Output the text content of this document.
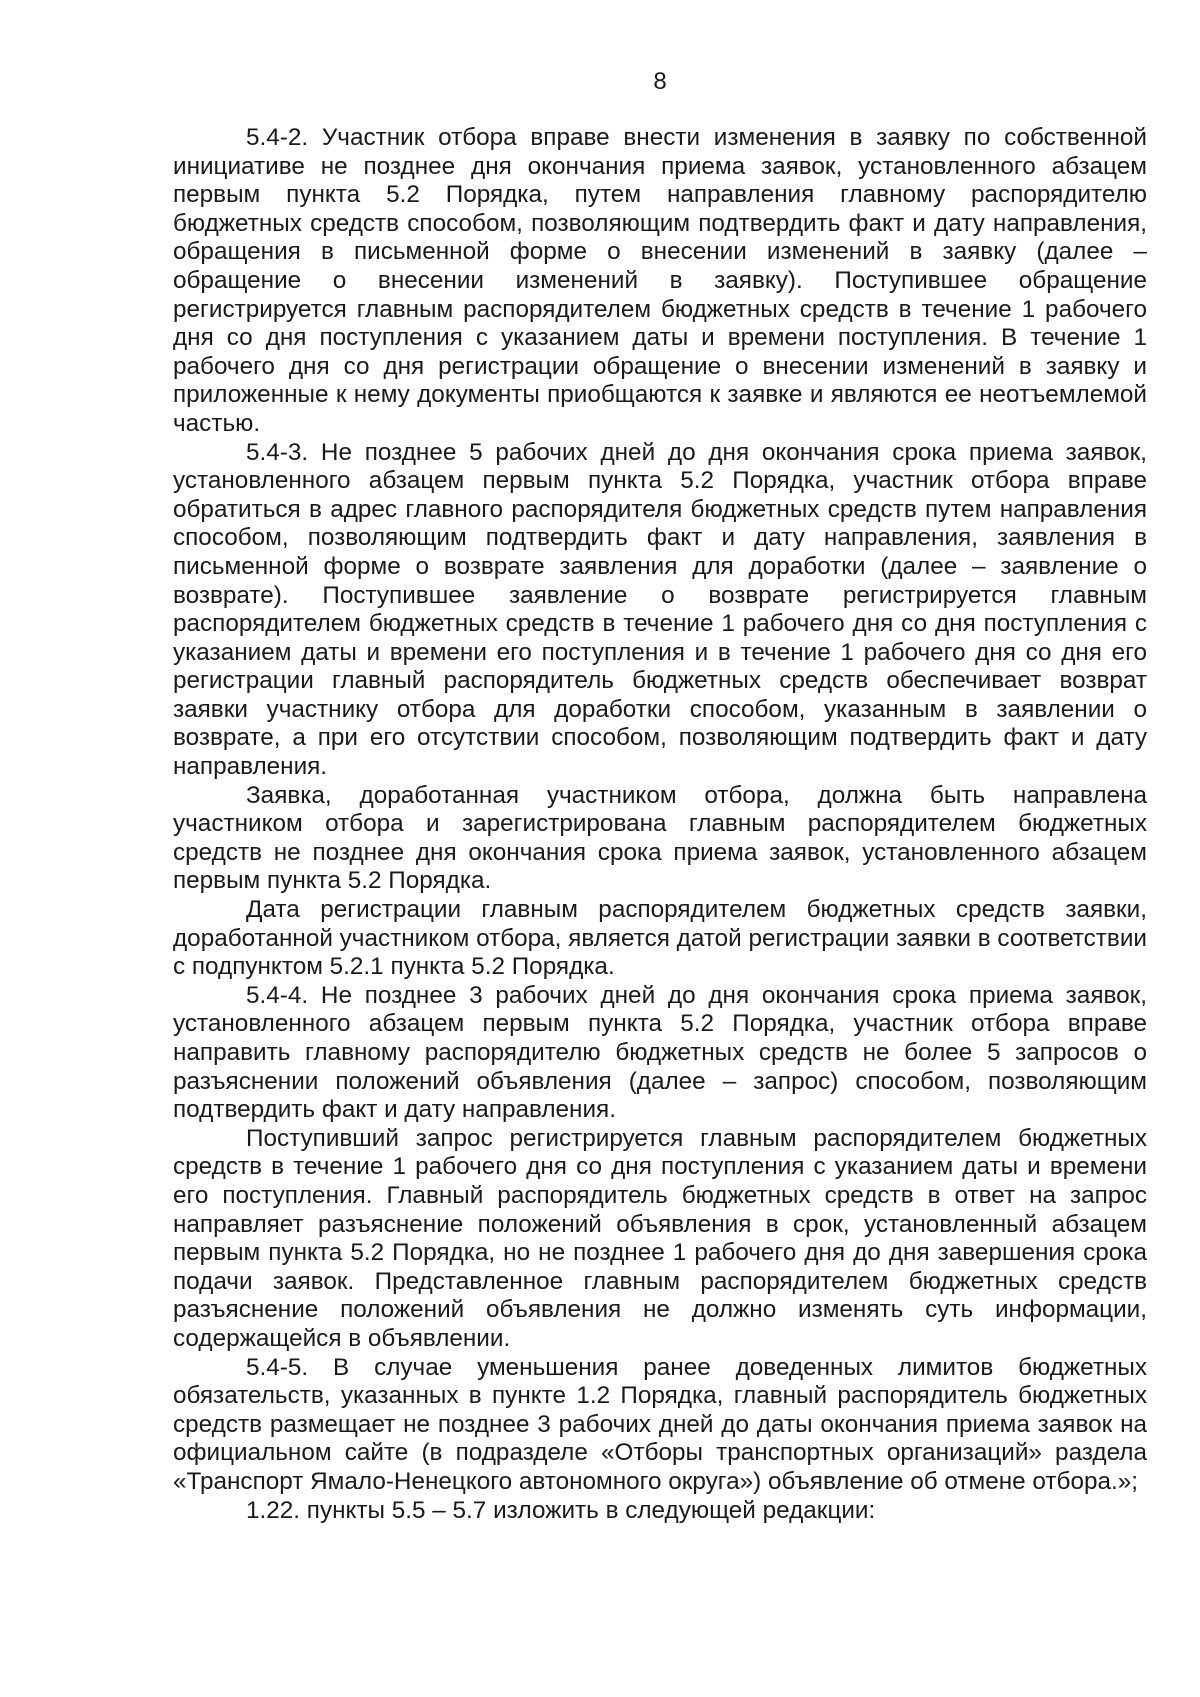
8

5.4-2. Участник отбора вправе внести изменения в заявку по собственной инициативе не позднее дня окончания приема заявок, установленного абзацем первым пункта 5.2 Порядка, путем направления главному распорядителю бюджетных средств способом, позволяющим подтвердить факт и дату направления, обращения в письменной форме о внесении изменений в заявку (далее – обращение о внесении изменений в заявку). Поступившее обращение регистрируется главным распорядителем бюджетных средств в течение 1 рабочего дня со дня поступления с указанием даты и времени поступления. В течение 1 рабочего дня со дня регистрации обращение о внесении изменений в заявку и приложенные к нему документы приобщаются к заявке и являются ее неотъемлемой частью.

5.4-3. Не позднее 5 рабочих дней до дня окончания срока приема заявок, установленного абзацем первым пункта 5.2 Порядка, участник отбора вправе обратиться в адрес главного распорядителя бюджетных средств путем направления способом, позволяющим подтвердить факт и дату направления, заявления в письменной форме о возврате заявления для доработки (далее – заявление о возврате). Поступившее заявление о возврате регистрируется главным распорядителем бюджетных средств в течение 1 рабочего дня со дня поступления с указанием даты и времени его поступления и в течение 1 рабочего дня со дня его регистрации главный распорядитель бюджетных средств обеспечивает возврат заявки участнику отбора для доработки способом, указанным в заявлении о возврате, а при его отсутствии способом, позволяющим подтвердить факт и дату направления.

Заявка, доработанная участником отбора, должна быть направлена участником отбора и зарегистрирована главным распорядителем бюджетных средств не позднее дня окончания срока приема заявок, установленного абзацем первым пункта 5.2 Порядка.

Дата регистрации главным распорядителем бюджетных средств заявки, доработанной участником отбора, является датой регистрации заявки в соответствии с подпунктом 5.2.1 пункта 5.2 Порядка.

5.4-4. Не позднее 3 рабочих дней до дня окончания срока приема заявок, установленного абзацем первым пункта 5.2 Порядка, участник отбора вправе направить главному распорядителю бюджетных средств не более 5 запросов о разъяснении положений объявления (далее – запрос) способом, позволяющим подтвердить факт и дату направления.

Поступивший запрос регистрируется главным распорядителем бюджетных средств в течение 1 рабочего дня со дня поступления с указанием даты и времени его поступления. Главный распорядитель бюджетных средств в ответ на запрос направляет разъяснение положений объявления в срок, установленный абзацем первым пункта 5.2 Порядка, но не позднее 1 рабочего дня до дня завершения срока подачи заявок. Представленное главным распорядителем бюджетных средств разъяснение положений объявления не должно изменять суть информации, содержащейся в объявлении.

5.4-5. В случае уменьшения ранее доведенных лимитов бюджетных обязательств, указанных в пункте 1.2 Порядка, главный распорядитель бюджетных средств размещает не позднее 3 рабочих дней до даты окончания приема заявок на официальном сайте (в подразделе «Отборы транспортных организаций» раздела «Транспорт Ямало-Ненецкого автономного округа») объявление об отмене отбора.»;

1.22. пункты 5.5 – 5.7 изложить в следующей редакции:
